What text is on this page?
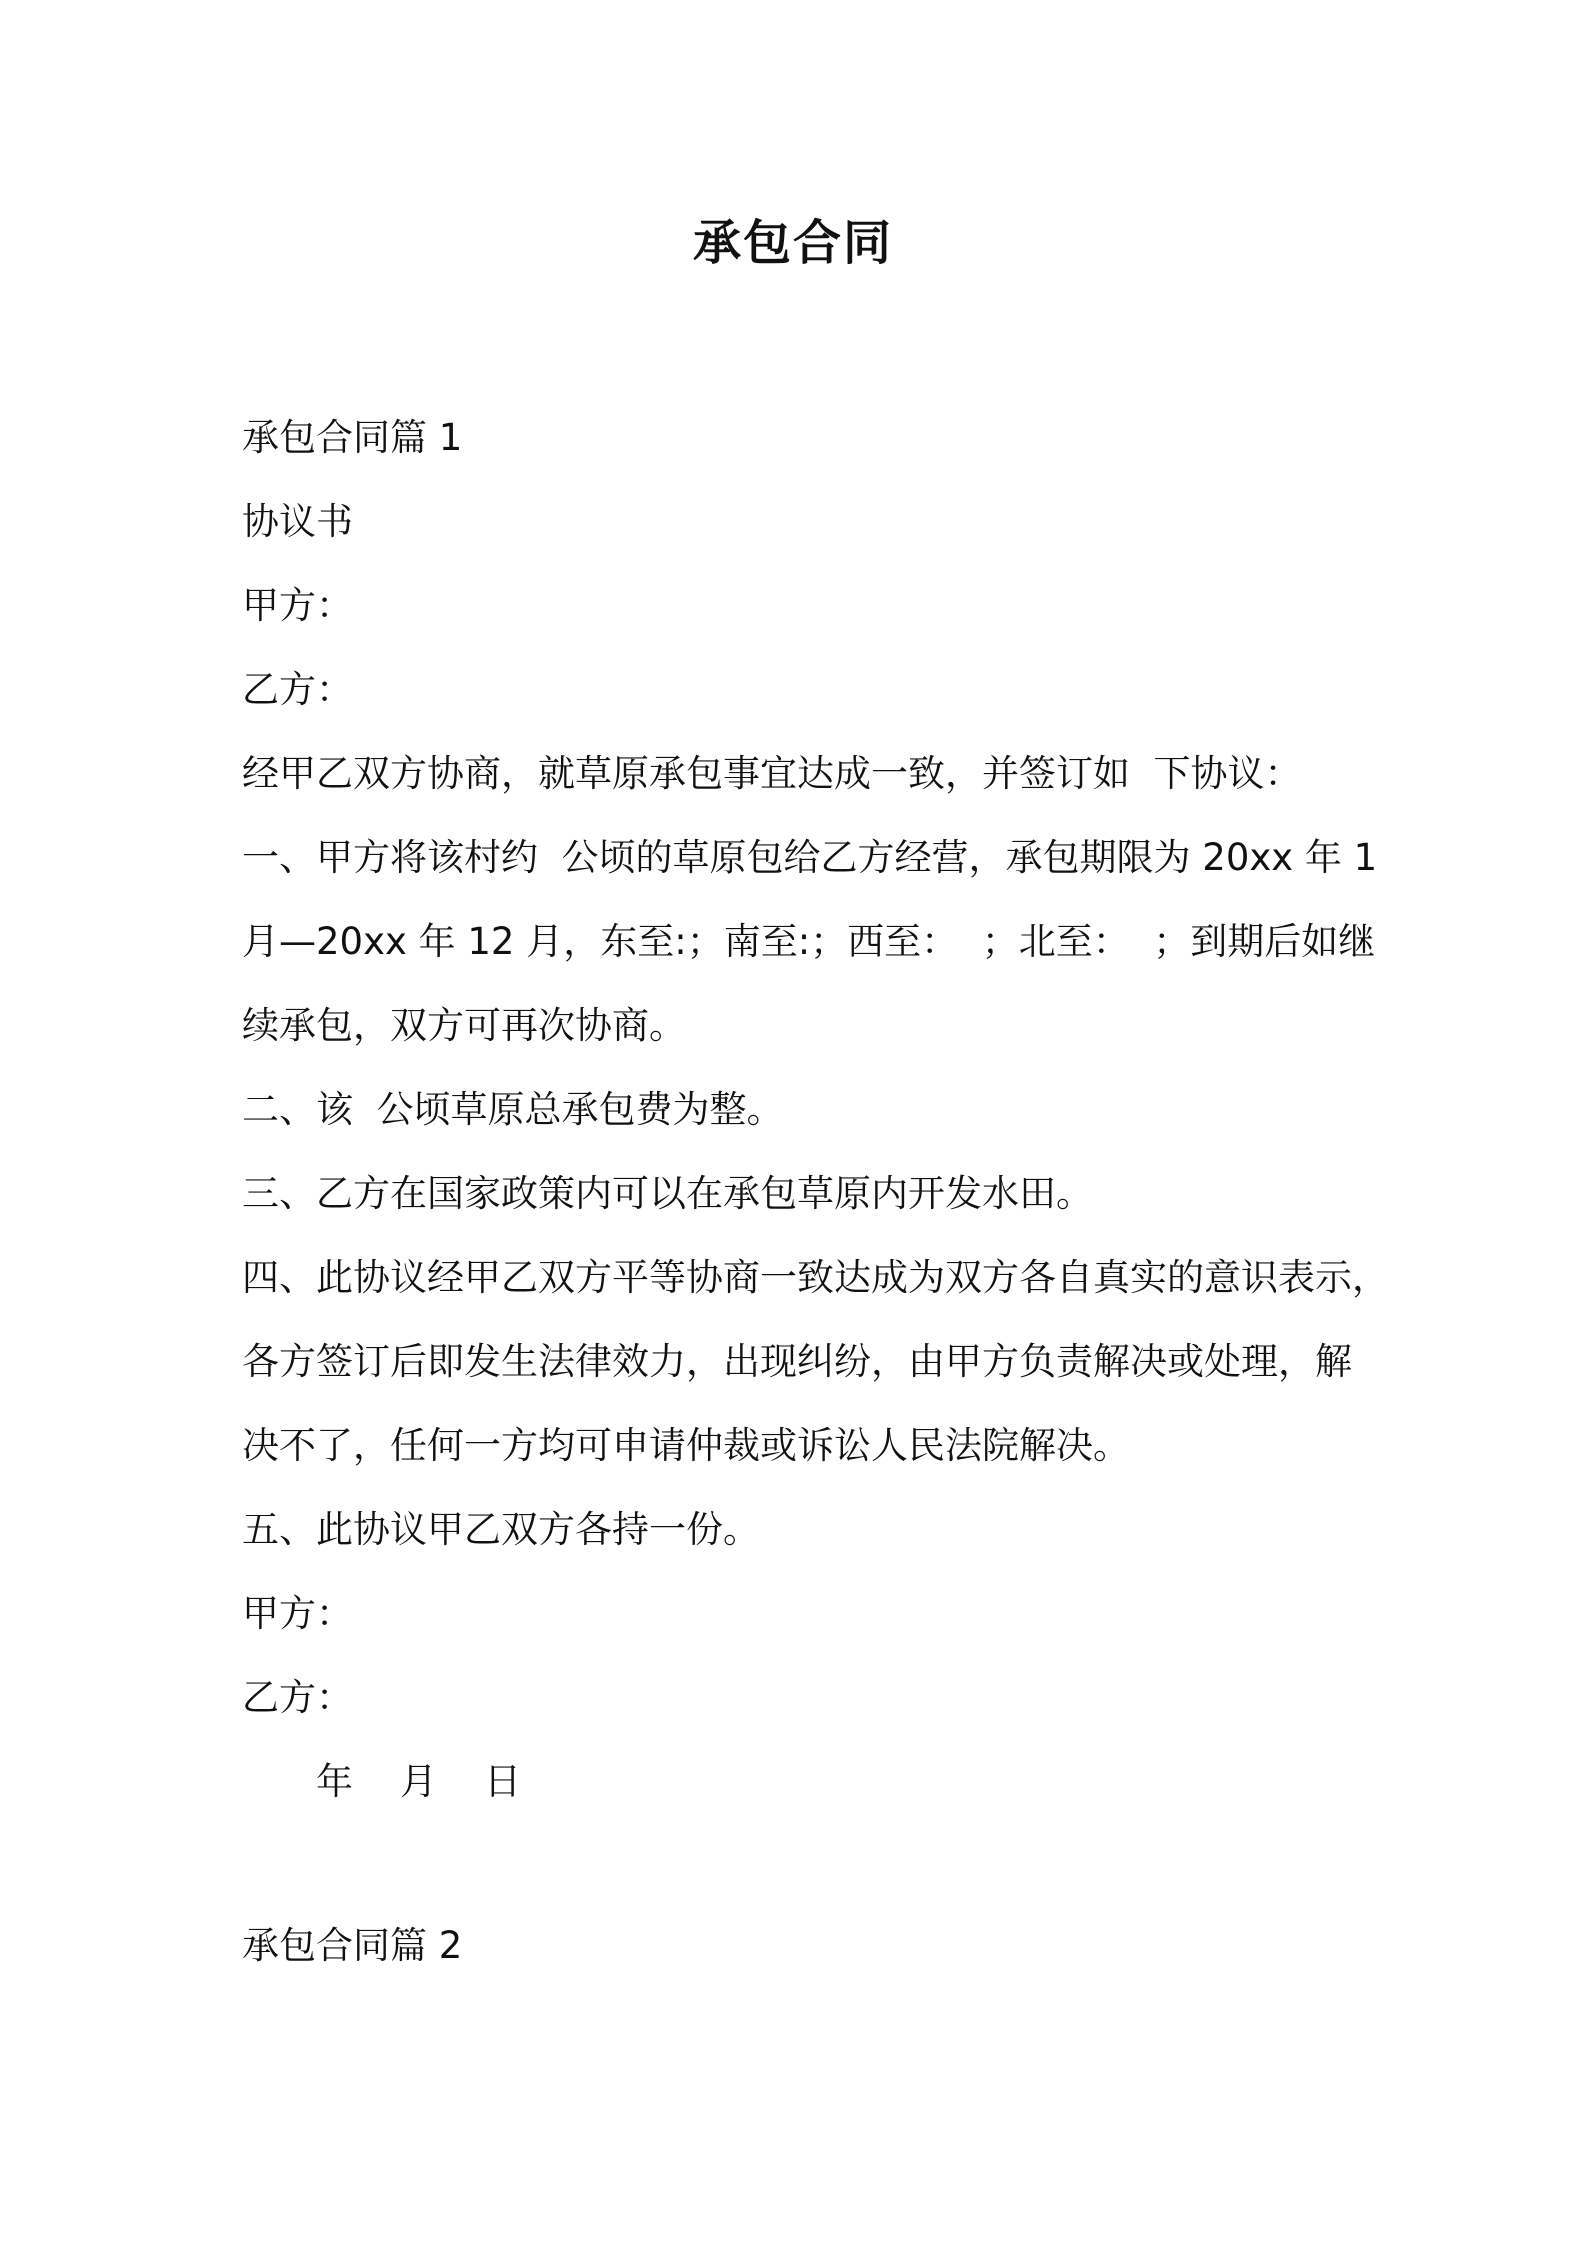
承包合同
承包合同篇 1
协议书
甲方：
乙方：
经甲乙双方协商，就草原承包事宜达成一致，并签订如  下协议：
一、甲方将该村约  公顷的草原包给乙方经营，承包期限为 20xx 年 1
月—20xx 年 12 月，东至:；南至:；西至：  ；北至：  ；到期后如继
续承包，双方可再次协商。
二、该  公顷草原总承包费为整。
三、乙方在国家政策内可以在承包草原内开发水田。
四、此协议经甲乙双方平等协商一致达成为双方各自真实的意识表示，
各方签订后即发生法律效力，出现纠纷，由甲方负责解决或处理，解
决不了，任何一方均可申请仲裁或诉讼人民法院解决。
五、此协议甲乙双方各持一份。
甲方：
乙方：
年    月    日
承包合同篇 2
